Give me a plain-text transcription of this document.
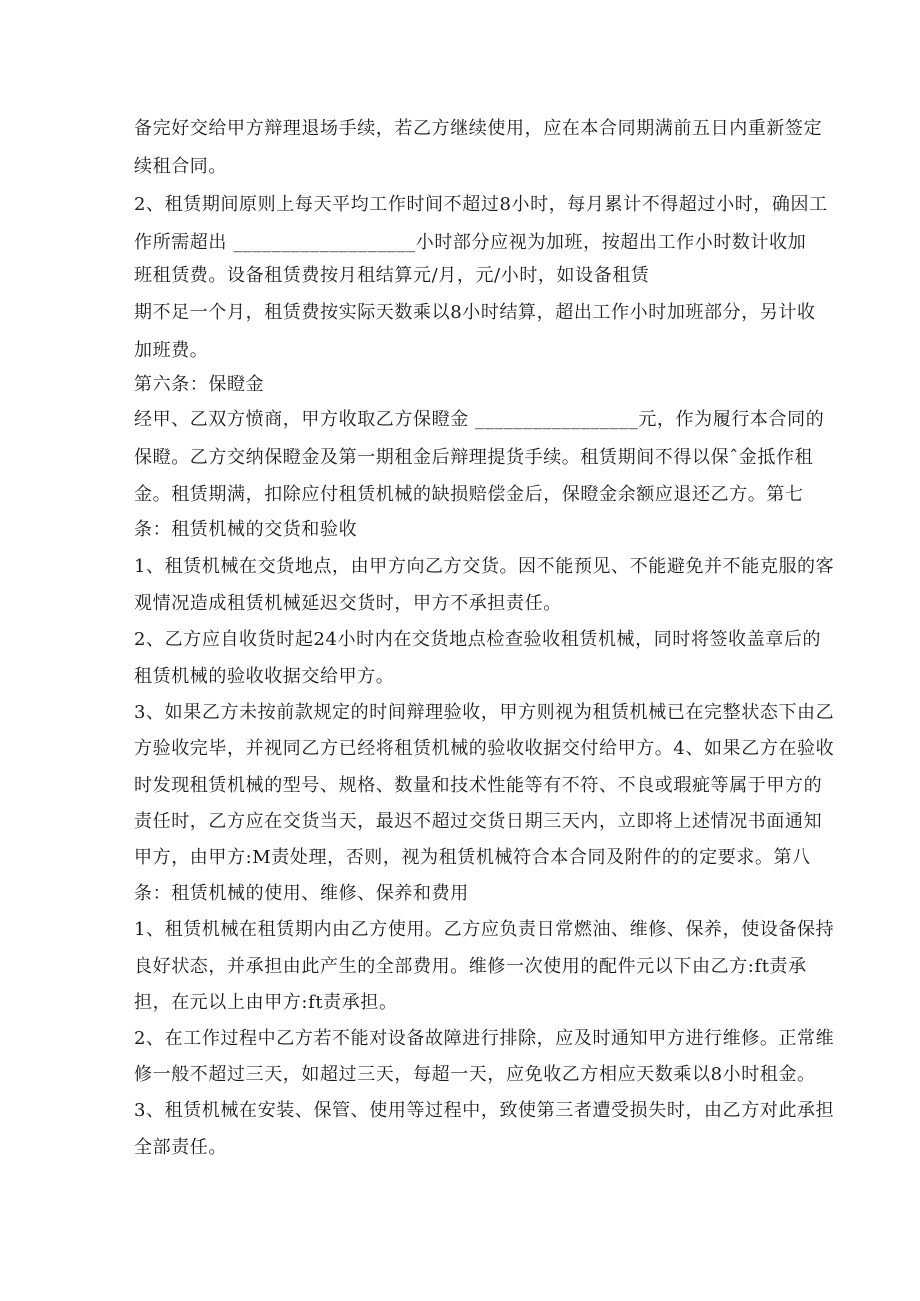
备完好交给甲方辩理退场手续，若乙方继续使用，应在本合同期满前五日内重新签定
续租合同。
2、租赁期间原则上每天平均工作时间不超过8小时，每月累计不得超过小时，确因工
作所需超出 ___________________小时部分应视为加班，按超出工作小时数计收加
班租赁费。设备租赁费按月租结算元/月，元/小时，如设备租赁
期不足一个月，租赁费按实际天数乘以8小时结算，超出工作小时加班部分，另计收
加班费。
第六条：保瞪金
经甲、乙双方愤商，甲方收取乙方保瞪金 _________________元，作为履行本合同的
保瞪。乙方交纳保瞪金及第一期租金后辩理提货手续。租赁期间不得以保ˆ金抵作租
金。租赁期满，扣除应付租赁机械的缺损赔偿金后，保瞪金余额应退还乙方。第七
条：租赁机械的交货和验收
1、租赁机械在交货地点，由甲方向乙方交货。因不能预见、不能避免并不能克服的客
观情况造成租赁机械延迟交货时，甲方不承担责任。
2、乙方应自收货时起24小时内在交货地点检查验收租赁机械，同时将签收盖章后的
租赁机械的验收收据交给甲方。
3、如果乙方未按前款规定的时间辩理验收，甲方则视为租赁机械已在完整状态下由乙
方验收完毕，并视同乙方已经将租赁机械的验收收据交付给甲方。4、如果乙方在验收
时发现租赁机械的型号、规格、数量和技术性能等有不符、不良或瑕疵等属于甲方的
责任时，乙方应在交货当天，最迟不超过交货日期三天内，立即将上述情况书面通知
甲方，由甲方:M责处理，否则，视为租赁机械符合本合同及附件的的定要求。第八
条：租赁机械的使用、维修、保养和费用
1、租赁机械在租赁期内由乙方使用。乙方应负责日常燃油、维修、保养，使设备保持
良好状态，并承担由此产生的全部费用。维修一次使用的配件元以下由乙方:ft责承
担，在元以上由甲方:ft责承担。
2、在工作过程中乙方若不能对设备故障进行排除，应及时通知甲方进行维修。正常维
修一般不超过三天，如超过三天，每超一天，应免收乙方相应天数乘以8小时租金。
3、租赁机械在安装、保管、使用等过程中，致使第三者遭受损失时，由乙方对此承担
全部责任。
